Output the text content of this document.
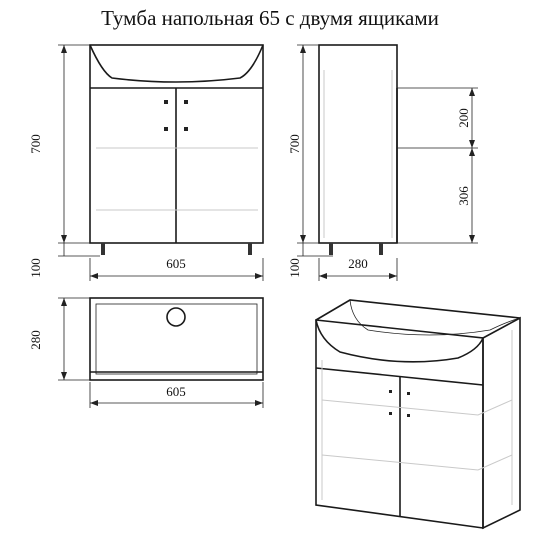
Тумба напольная 65 с двумя ящиками
700
100	605
700
100	280
200
306
280
605
